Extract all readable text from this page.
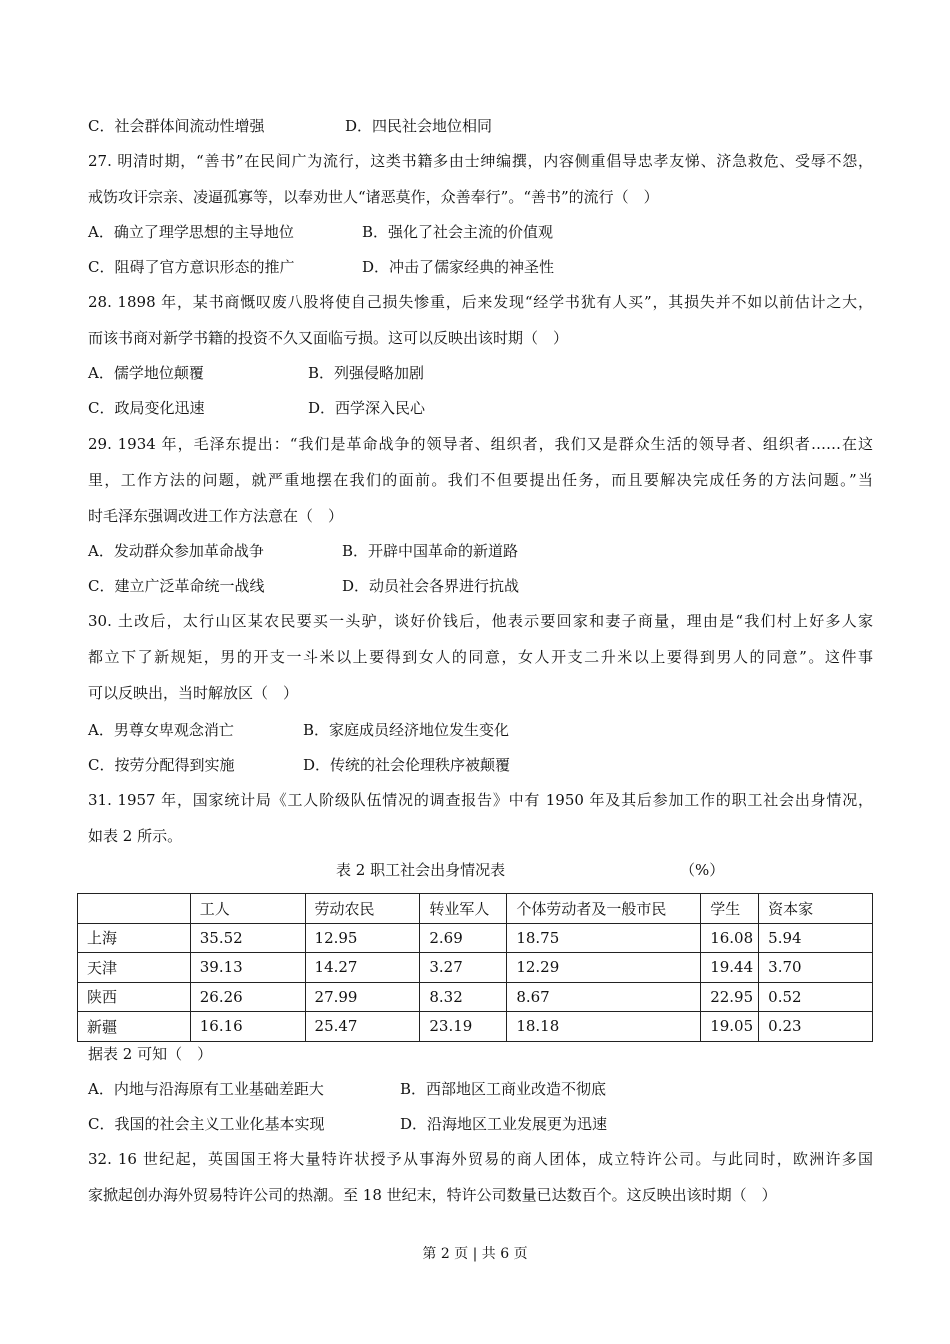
C．社会群体间流动性增强	D．四民社会地位相同
27. 明清时期，“善书”在民间广为流行，这类书籍多由士绅编撰，内容侧重倡导忠孝友悌、济急救危、受辱不怨，
戒饬攻讦宗亲、凌逼孤寡等，以奉劝世人“诸恶莫作，众善奉行”。“善书”的流行（　）
A．确立了理学思想的主导地位	B．强化了社会主流的价值观
C．阻碍了官方意识形态的推广	D．冲击了儒家经典的神圣性
28. 1898 年，某书商慨叹废八股将使自己损失惨重，后来发现“经学书犹有人买”，其损失并不如以前估计之大，
而该书商对新学书籍的投资不久又面临亏损。这可以反映出该时期（　）
A．儒学地位颠覆	B．列强侵略加剧
C．政局变化迅速	D．西学深入民心
29. 1934 年，毛泽东提出：“我们是革命战争的领导者、组织者，我们又是群众生活的领导者、组织者……在这
里，工作方法的问题，就严重地摆在我们的面前。我们不但要提出任务，而且要解决完成任务的方法问题。”当
时毛泽东强调改进工作方法意在（　）
A．发动群众参加革命战争	B．开辟中国革命的新道路
C．建立广泛革命统一战线	D．动员社会各界进行抗战
30. 土改后，太行山区某农民要买一头驴，谈好价钱后，他表示要回家和妻子商量，理由是“我们村上好多人家
都立下了新规矩，男的开支一斗米以上要得到女人的同意，女人开支二升米以上要得到男人的同意”。这件事
可以反映出，当时解放区（　）
A．男尊女卑观念消亡	B．家庭成员经济地位发生变化
C．按劳分配得到实施	D．传统的社会伦理秩序被颠覆
31. 1957 年，国家统计局《工人阶级队伍情况的调查报告》中有 1950 年及其后参加工作的职工社会出身情况，
如表 2 所示。
表 2 职工社会出身情况表	（%）
	工人	劳动农民	转业军人	个体劳动者及一般市民	学生	资本家
上海	35.52	12.95	2.69	18.75	16.08	5.94
天津	39.13	14.27	3.27	12.29	19.44	3.70
陕西	26.26	27.99	8.32	8.67	22.95	0.52
新疆	16.16	25.47	23.19	18.18	19.05	0.23
据表 2 可知（　）
A．内地与沿海原有工业基础差距大	B．西部地区工商业改造不彻底
C．我国的社会主义工业化基本实现	D．沿海地区工业发展更为迅速
32. 16 世纪起，英国国王将大量特许状授予从事海外贸易的商人团体，成立特许公司。与此同时，欧洲许多国
家掀起创办海外贸易特许公司的热潮。至 18 世纪末，特许公司数量已达数百个。这反映出该时期（　）
第 2 页 | 共 6 页
